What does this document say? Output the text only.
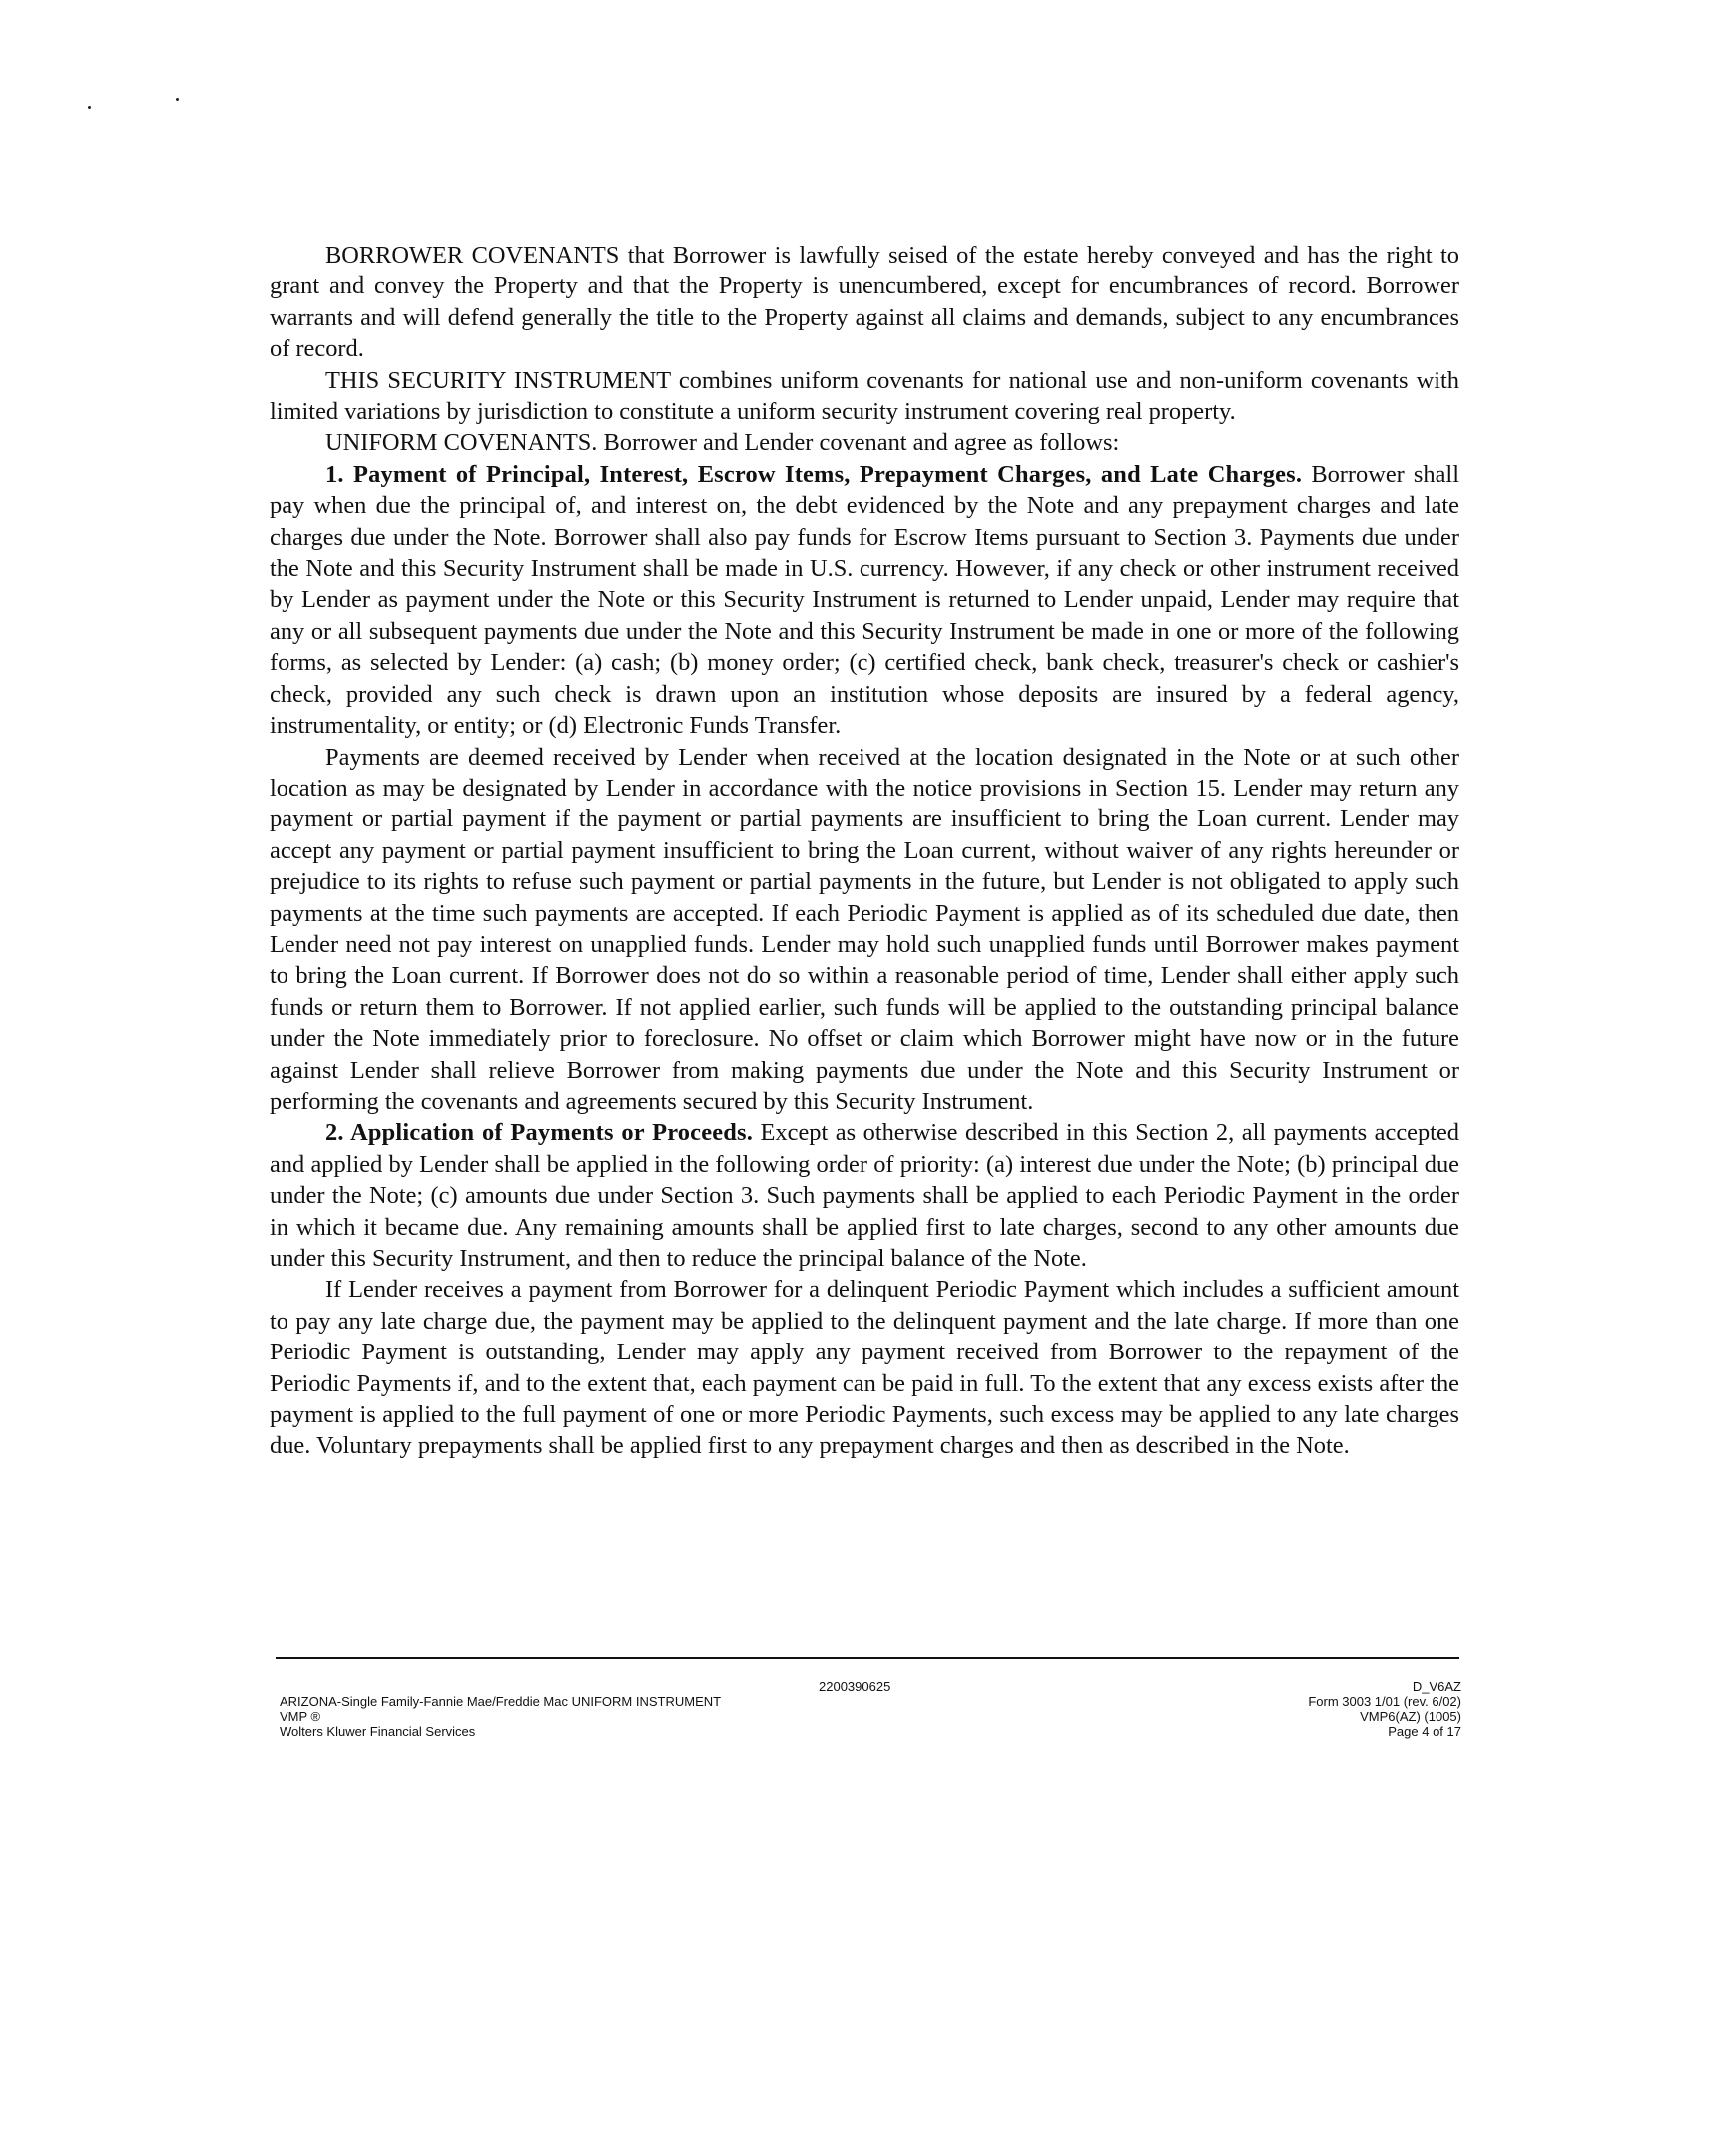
BORROWER COVENANTS that Borrower is lawfully seised of the estate hereby conveyed and has the right to grant and convey the Property and that the Property is unencumbered, except for encumbrances of record. Borrower warrants and will defend generally the title to the Property against all claims and demands, subject to any encumbrances of record.

THIS SECURITY INSTRUMENT combines uniform covenants for national use and non-uniform covenants with limited variations by jurisdiction to constitute a uniform security instrument covering real property.

UNIFORM COVENANTS. Borrower and Lender covenant and agree as follows:

1. Payment of Principal, Interest, Escrow Items, Prepayment Charges, and Late Charges. Borrower shall pay when due the principal of, and interest on, the debt evidenced by the Note and any prepayment charges and late charges due under the Note. Borrower shall also pay funds for Escrow Items pursuant to Section 3. Payments due under the Note and this Security Instrument shall be made in U.S. currency. However, if any check or other instrument received by Lender as payment under the Note or this Security Instrument is returned to Lender unpaid, Lender may require that any or all subsequent payments due under the Note and this Security Instrument be made in one or more of the following forms, as selected by Lender: (a) cash; (b) money order; (c) certified check, bank check, treasurer's check or cashier's check, provided any such check is drawn upon an institution whose deposits are insured by a federal agency, instrumentality, or entity; or (d) Electronic Funds Transfer.

Payments are deemed received by Lender when received at the location designated in the Note or at such other location as may be designated by Lender in accordance with the notice provisions in Section 15. Lender may return any payment or partial payment if the payment or partial payments are insufficient to bring the Loan current. Lender may accept any payment or partial payment insufficient to bring the Loan current, without waiver of any rights hereunder or prejudice to its rights to refuse such payment or partial payments in the future, but Lender is not obligated to apply such payments at the time such payments are accepted. If each Periodic Payment is applied as of its scheduled due date, then Lender need not pay interest on unapplied funds. Lender may hold such unapplied funds until Borrower makes payment to bring the Loan current. If Borrower does not do so within a reasonable period of time, Lender shall either apply such funds or return them to Borrower. If not applied earlier, such funds will be applied to the outstanding principal balance under the Note immediately prior to foreclosure. No offset or claim which Borrower might have now or in the future against Lender shall relieve Borrower from making payments due under the Note and this Security Instrument or performing the covenants and agreements secured by this Security Instrument.

2. Application of Payments or Proceeds. Except as otherwise described in this Section 2, all payments accepted and applied by Lender shall be applied in the following order of priority: (a) interest due under the Note; (b) principal due under the Note; (c) amounts due under Section 3. Such payments shall be applied to each Periodic Payment in the order in which it became due. Any remaining amounts shall be applied first to late charges, second to any other amounts due under this Security Instrument, and then to reduce the principal balance of the Note.

If Lender receives a payment from Borrower for a delinquent Periodic Payment which includes a sufficient amount to pay any late charge due, the payment may be applied to the delinquent payment and the late charge. If more than one Periodic Payment is outstanding, Lender may apply any payment received from Borrower to the repayment of the Periodic Payments if, and to the extent that, each payment can be paid in full. To the extent that any excess exists after the payment is applied to the full payment of one or more Periodic Payments, such excess may be applied to any late charges due. Voluntary prepayments shall be applied first to any prepayment charges and then as described in the Note.

2200390625
ARIZONA-Single Family-Fannie Mae/Freddie Mac UNIFORM INSTRUMENT
VMP ®
Wolters Kluwer Financial Services
D_V6AZ
Form 3003 1/01 (rev. 6/02)
VMP6(AZ) (1005)
Page 4 of 17
